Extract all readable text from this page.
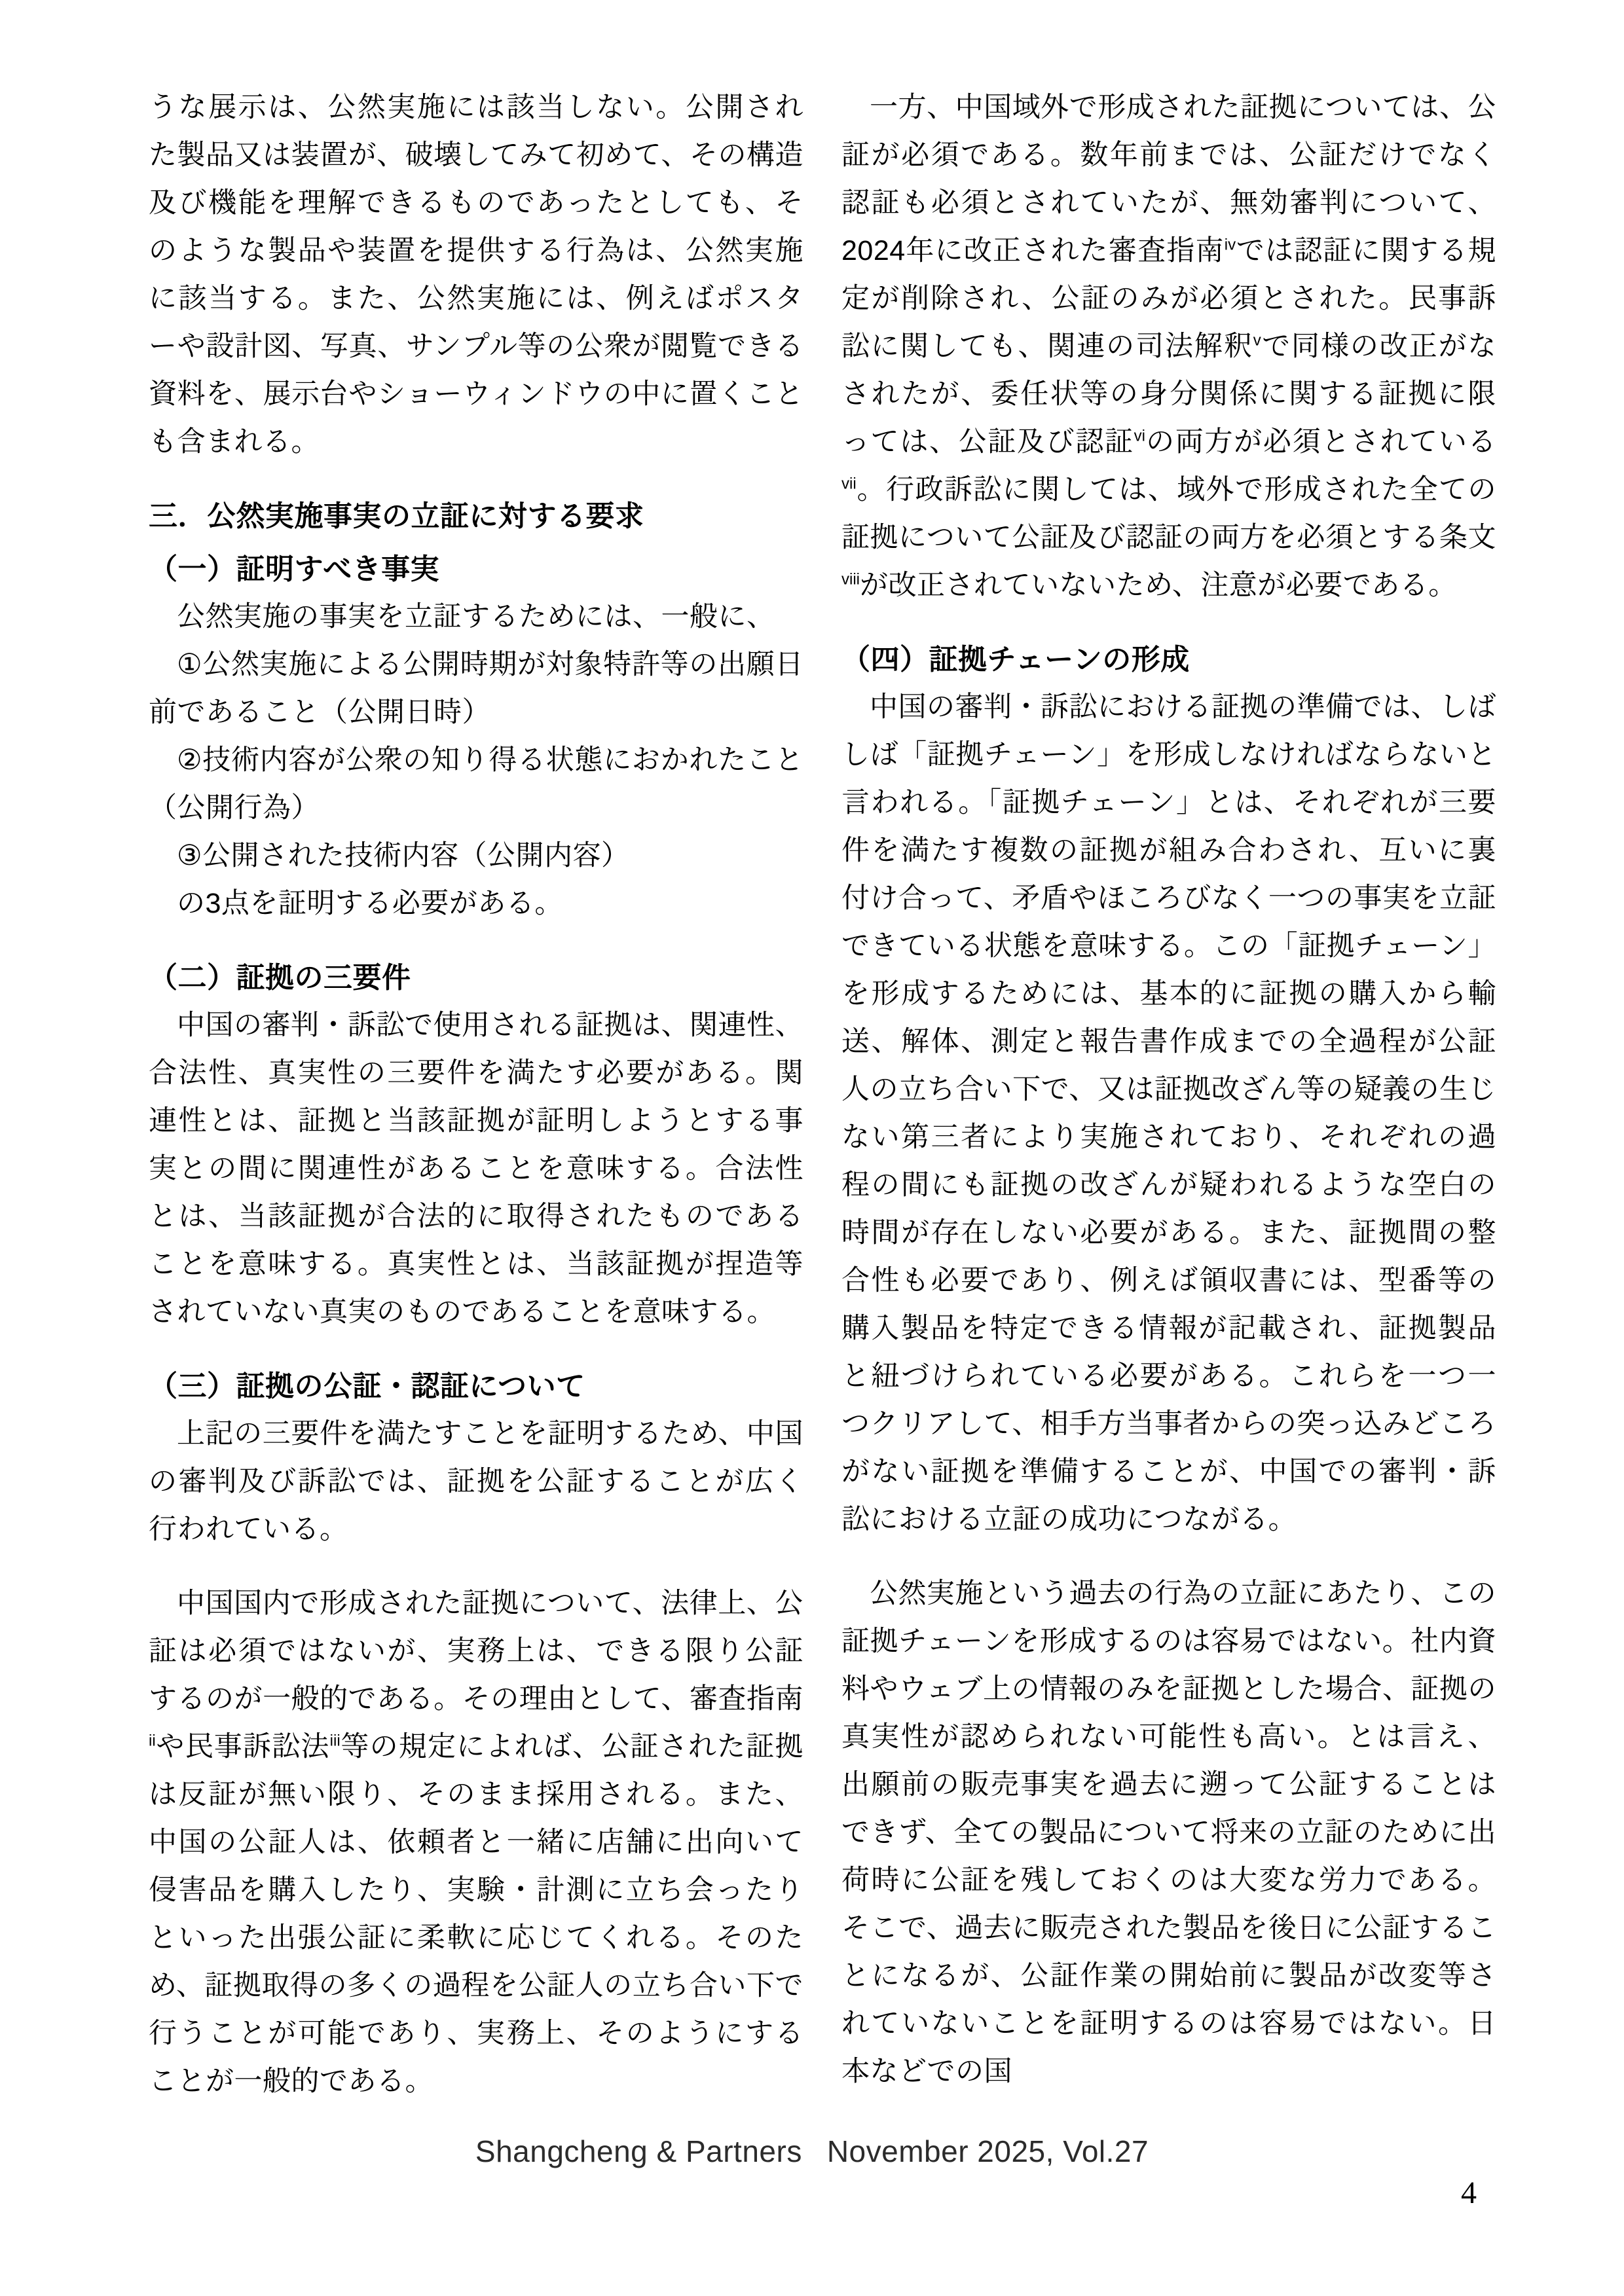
うな展示は、公然実施には該当しない。公開された製品又は装置が、破壊してみて初めて、その構造及び機能を理解できるものであったとしても、そのような製品や装置を提供する行為は、公然実施に該当する。また、公然実施には、例えばポスターや設計図、写真、サンプル等の公衆が閲覧できる資料を、展示台やショーウィンドウの中に置くことも含まれる。

三．公然実施事実の立証に対する要求
（一）証明すべき事実

公然実施の事実を立証するためには、一般に、

①公然実施による公開時期が対象特許等の出願日前であること（公開日時）

②技術内容が公衆の知り得る状態におかれたこと（公開行為）

③公開された技術内容（公開内容）

の3点を証明する必要がある。

（二）証拠の三要件

中国の審判・訴訟で使用される証拠は、関連性、合法性、真実性の三要件を満たす必要がある。関連性とは、証拠と当該証拠が証明しようとする事実との間に関連性があることを意味する。合法性とは、当該証拠が合法的に取得されたものであることを意味する。真実性とは、当該証拠が捏造等されていない真実のものであることを意味する。

（三）証拠の公証・認証について

上記の三要件を満たすことを証明するため、中国の審判及び訴訟では、証拠を公証することが広く行われている。

中国国内で形成された証拠について、法律上、公証は必須ではないが、実務上は、できる限り公証するのが一般的である。その理由として、審査指南$^{ii}$や民事訴訟法$^{iii}$等の規定によれば、公証された証拠は反証が無い限り、そのまま採用される。また、中国の公証人は、依頼者と一緒に店舗に出向いて侵害品を購入したり、実験・計測に立ち会ったりといった出張公証に柔軟に応じてくれる。そのため、証拠取得の多くの過程を公証人の立ち合い下で行うことが可能であり、実務上、そのようにすることが一般的である。

一方、中国域外で形成された証拠については、公証が必須である。数年前までは、公証だけでなく認証も必須とされていたが、無効審判について、2024年に改正された審査指南$^{iv}$では認証に関する規定が削除され、公証のみが必須とされた。民事訴訟に関しても、関連の司法解釈$^v$で同様の改正がなされたが、委任状等の身分関係に関する証拠に限っては、公証及び認証$^{vi}$の両方が必須とされている$^{vii}$。行政訴訟に関しては、域外で形成された全ての証拠について公証及び認証の両方を必須とする条文$^{viii}$が改正されていないため、注意が必要である。

（四）証拠チェーンの形成

中国の審判・訴訟における証拠の準備では、しばしば「証拠チェーン」を形成しなければならないと言われる。「証拠チェーン」とは、それぞれが三要件を満たす複数の証拠が組み合わされ、互いに裏付け合って、矛盾やほころびなく一つの事実を立証できている状態を意味する。この「証拠チェーン」を形成するためには、基本的に証拠の購入から輸送、解体、測定と報告書作成までの全過程が公証人の立ち合い下で、又は証拠改ざん等の疑義の生じない第三者により実施されており、それぞれの過程の間にも証拠の改ざんが疑われるような空白の時間が存在しない必要がある。また、証拠間の整合性も必要であり、例えば領収書には、型番等の購入製品を特定できる情報が記載され、証拠製品と紐づけられている必要がある。これらを一つ一つクリアして、相手方当事者からの突っ込みどころがない証拠を準備することが、中国での審判・訴訟における立証の成功につながる。

公然実施という過去の行為の立証にあたり、この証拠チェーンを形成するのは容易ではない。社内資料やウェブ上の情報のみを証拠とした場合、証拠の真実性が認められない可能性も高い。とは言え、出願前の販売事実を過去に遡って公証することはできず、全ての製品について将来の立証のために出荷時に公証を残しておくのは大変な労力である。そこで、過去に販売された製品を後日に公証することになるが、公証作業の開始前に製品が改変等されていないことを証明するのは容易ではない。日本などでの国

Shangcheng & Partners November 2025, Vol.27
4
